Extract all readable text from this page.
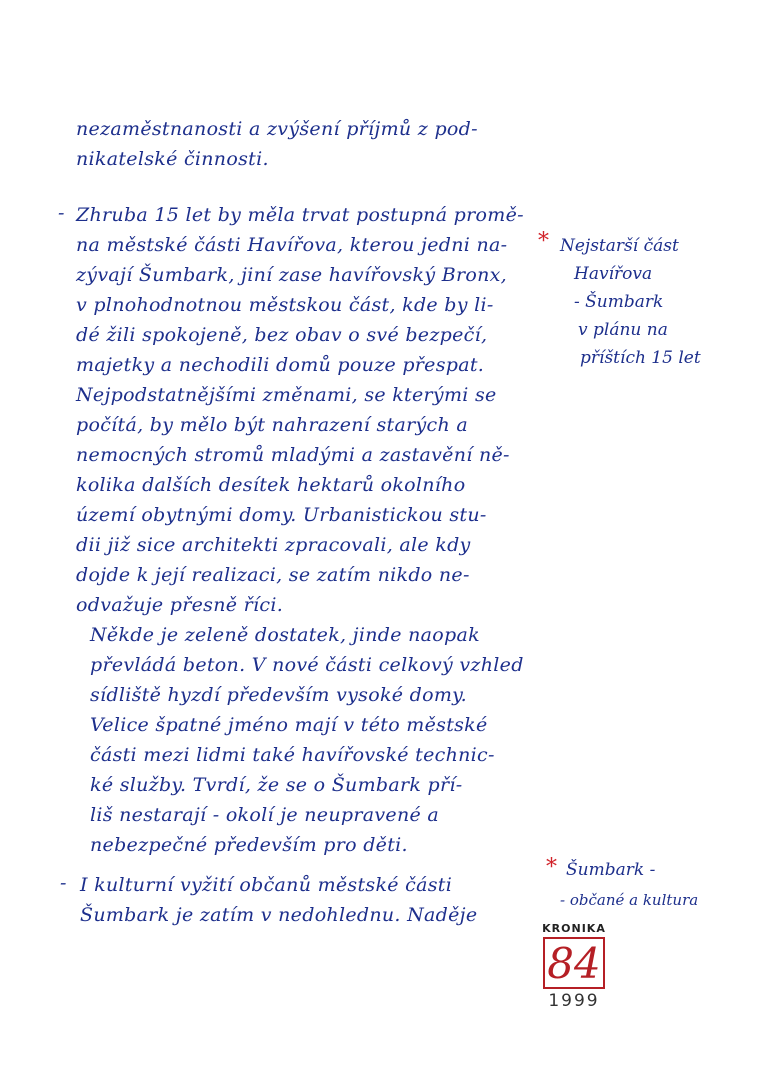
nezaměstnanosti a zvýšení příjmů z pod-
nikatelské činnosti.
- Zhruba 15 let by měla trvat postupná promě-
na městské části Havířova, kterou jedni na-
zývají Šumbark, jiní zase havířovský Bronx,
v plnohodnotnou městskou část, kde by li-
dé žili spokojeně, bez obav o své bezpečí,
majetky a nechodili domů pouze přespat.
Nejpodstatnějšími změnami, se kterými se
počítá, by mělo být nahrazení starých a
nemocných stromů mladými a zastavění ně-
kolika dalších desítek hektarů okolního
území obytnými domy. Urbanistickou stu-
dii již sice architekti zpracovali, ale kdy
dojde k její realizaci, se zatím nikdo ne-
odvažuje přesně říci.
Někde je zeleně dostatek, jinde naopak
převládá beton. V nové části celkový vzhled
sídliště hyzdí především vysoké domy.
Velice špatné jméno mají v této městské
části mezi lidmi také havířovské technic-
ké služby. Tvrdí, že se o Šumbark pří-
liš nestarají - okolí je neupravené a
nebezpečné především pro děti.
- I kulturní vyžití občanů městské části
Šumbark je zatím v nedohlednu. Naděje
* Nejstarší část
Havířova
- Šumbark
v plánu na
příštích 15 let
* Šumbark -
- občané a kultura
KRONIKA
84
1999
